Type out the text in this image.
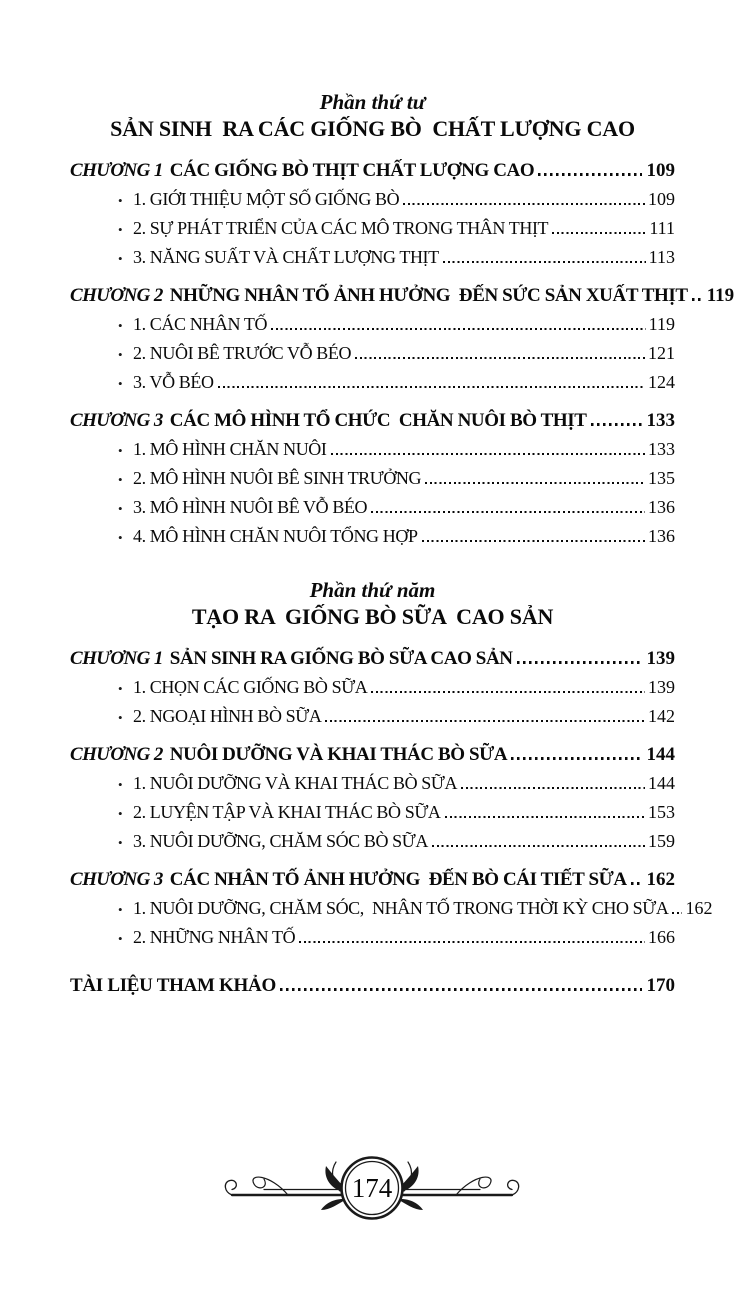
Phần thứ tư
SẢN SINH  RA CÁC GIỐNG BÒ  CHẤT LƯỢNG CAO
CHƯƠNG 1 CÁC GIỐNG BÒ THỊT CHẤT LƯỢNG CAO	109
• 1. GIỚI THIỆU MỘT SỐ GIỐNG BÒ	109
• 2. SỰ PHÁT TRIỂN CỦA CÁC MÔ TRONG THÂN THỊT	111
• 3. NĂNG SUẤT VÀ CHẤT LƯỢNG THỊT	113
CHƯƠNG 2 NHỮNG NHÂN TỐ ẢNH HƯỞNG  ĐẾN SỨC SẢN XUẤT THỊT 119
• 1. CÁC NHÂN TỐ	119
• 2. NUÔI BÊ TRƯỚC VỖ BÉO	121
• 3. VỖ BÉO	124
CHƯƠNG 3 CÁC MÔ HÌNH TỔ CHỨC  CHĂN NUÔI BÒ THỊT	133
• 1. MÔ HÌNH CHĂN NUÔI	133
• 2. MÔ HÌNH NUÔI BÊ SINH TRƯỞNG	135
• 3. MÔ HÌNH NUÔI BÊ VỖ BÉO	136
• 4. MÔ HÌNH CHĂN NUÔI TỔNG HỢP	136
Phần thứ năm
TẠO RA  GIỐNG BÒ SỮA  CAO SẢN
CHƯƠNG 1 SẢN SINH RA GIỐNG BÒ SỮA CAO SẢN	139
• 1. CHỌN CÁC GIỐNG BÒ SỮA	139
• 2. NGOẠI HÌNH BÒ SỮA	142
CHƯƠNG 2 NUÔI DƯỠNG VÀ KHAI THÁC BÒ SỮA	144
• 1. NUÔI DƯỠNG VÀ KHAI THÁC BÒ SỮA	144
• 2. LUYỆN TẬP VÀ KHAI THÁC BÒ SỮA	153
• 3. NUÔI DƯỠNG, CHĂM SÓC BÒ SỮA	159
CHƯƠNG 3 CÁC NHÂN TỐ ẢNH HƯỞNG  ĐẾN BÒ CÁI TIẾT SỮA 162
• 1. NUÔI DƯỠNG, CHĂM SÓC,  NHÂN TỐ TRONG THỜI KỲ CHO SỮA 162
• 2. NHỮNG NHÂN TỐ	166
TÀI LIỆU THAM KHẢO	170
174
